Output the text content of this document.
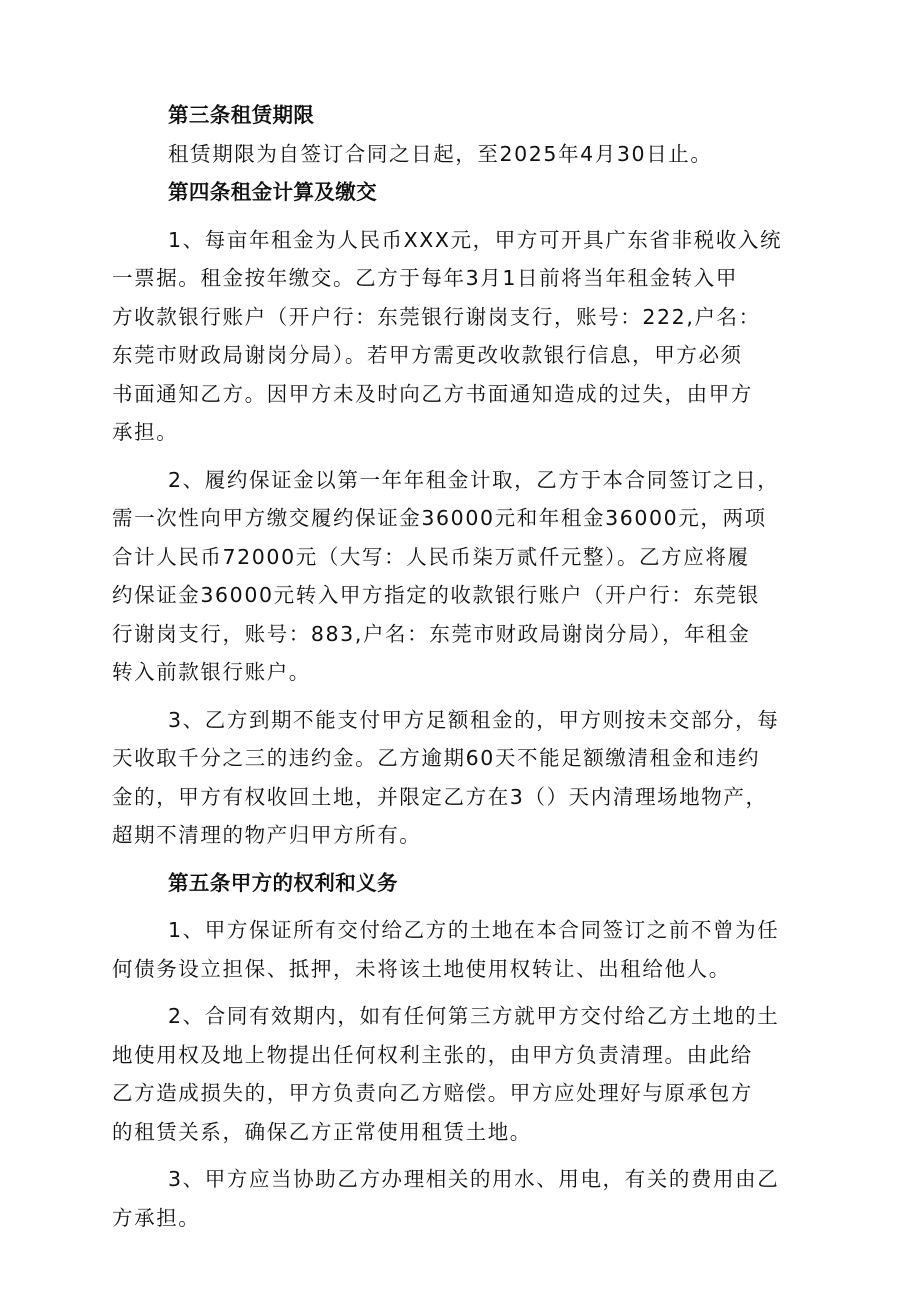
第三条租赁期限
租赁期限为自签订合同之日起，至2025年4月30日止。
第四条租金计算及缴交
1、每亩年租金为人民币XXX元，甲方可开具广东省非税收入统
一票据。租金按年缴交。乙方于每年3月1日前将当年租金转入甲
方收款银行账户（开户行：东莞银行谢岗支行，账号：222,户名：
东莞市财政局谢岗分局）。若甲方需更改收款银行信息，甲方必须
书面通知乙方。因甲方未及时向乙方书面通知造成的过失，由甲方
承担。
2、履约保证金以第一年年租金计取，乙方于本合同签订之日，
需一次性向甲方缴交履约保证金36000元和年租金36000元，两项
合计人民币72000元（大写：人民币柒万贰仟元整）。乙方应将履
约保证金36000元转入甲方指定的收款银行账户（开户行：东莞银
行谢岗支行，账号：883,户名：东莞市财政局谢岗分局），年租金
转入前款银行账户。
3、乙方到期不能支付甲方足额租金的，甲方则按未交部分，每
天收取千分之三的违约金。乙方逾期60天不能足额缴清租金和违约
金的，甲方有权收回土地，并限定乙方在3（）天内清理场地物产，
超期不清理的物产归甲方所有。
第五条甲方的权利和义务
1、甲方保证所有交付给乙方的土地在本合同签订之前不曾为任
何债务设立担保、抵押，未将该土地使用权转让、出租给他人。
2、合同有效期内，如有任何第三方就甲方交付给乙方土地的土
地使用权及地上物提出任何权利主张的，由甲方负责清理。由此给
乙方造成损失的，甲方负责向乙方赔偿。甲方应处理好与原承包方
的租赁关系，确保乙方正常使用租赁土地。
3、甲方应当协助乙方办理相关的用水、用电，有关的费用由乙
方承担。
